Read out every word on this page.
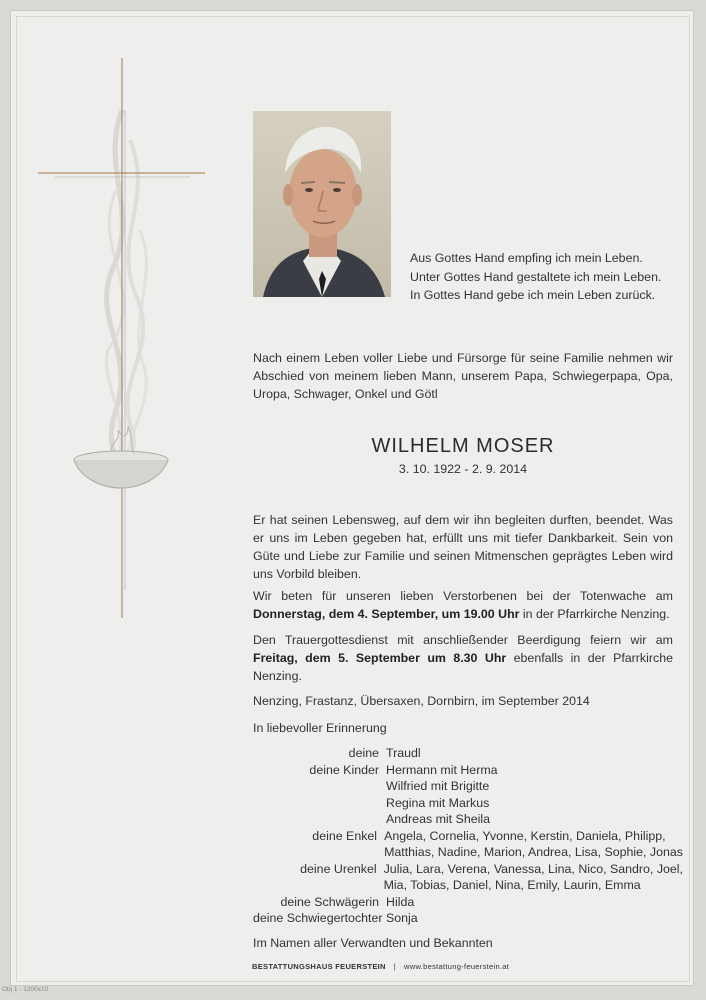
Aus Gottes Hand empfing ich mein Leben.
Unter Gottes Hand gestaltete ich mein Leben.
In Gottes Hand gebe ich mein Leben zurück.
Nach einem Leben voller Liebe und Fürsorge für seine Familie nehmen wir Abschied von meinem lieben Mann, unserem Papa, Schwiegerpapa, Opa, Uropa, Schwager, Onkel und Götl
WILHELM MOSER
3. 10. 1922 - 2. 9. 2014
Er hat seinen Lebensweg, auf dem wir ihn begleiten durften, beendet. Was er uns im Leben gegeben hat, erfüllt uns mit tiefer Dankbarkeit. Sein von Güte und Liebe zur Familie und seinen Mitmenschen geprägtes Leben wird uns Vorbild bleiben.
Wir beten für unseren lieben Verstorbenen bei der Totenwache am Donnerstag, dem 4. September, um 19.00 Uhr in der Pfarrkirche Nenzing.
Den Trauergottesdienst mit anschließender Beerdigung feiern wir am Freitag, dem 5. September um 8.30 Uhr ebenfalls in der Pfarrkirche Nenzing.
Nenzing, Frastanz, Übersaxen, Dornbirn, im September 2014
In liebevoller Erinnerung
deine Traudl
deine Kinder Hermann mit Herma
Wilfried mit Brigitte
Regina mit Markus
Andreas mit Sheila
deine Enkel Angela, Cornelia, Yvonne, Kerstin, Daniela, Philipp,
Matthias, Nadine, Marion, Andrea, Lisa, Sophie, Jonas
deine Urenkel Julia, Lara, Verena, Vanessa, Lina, Nico, Sandro, Joel,
Mia, Tobias, Daniel, Nina, Emily, Laurin, Emma
deine Schwägerin Hilda
deine Schwiegertochter Sonja
Im Namen aller Verwandten und Bekannten
BESTATTUNGSHAUS FEUERSTEIN | www.bestattung-feuerstein.at
Obj 1 - 1200x10
